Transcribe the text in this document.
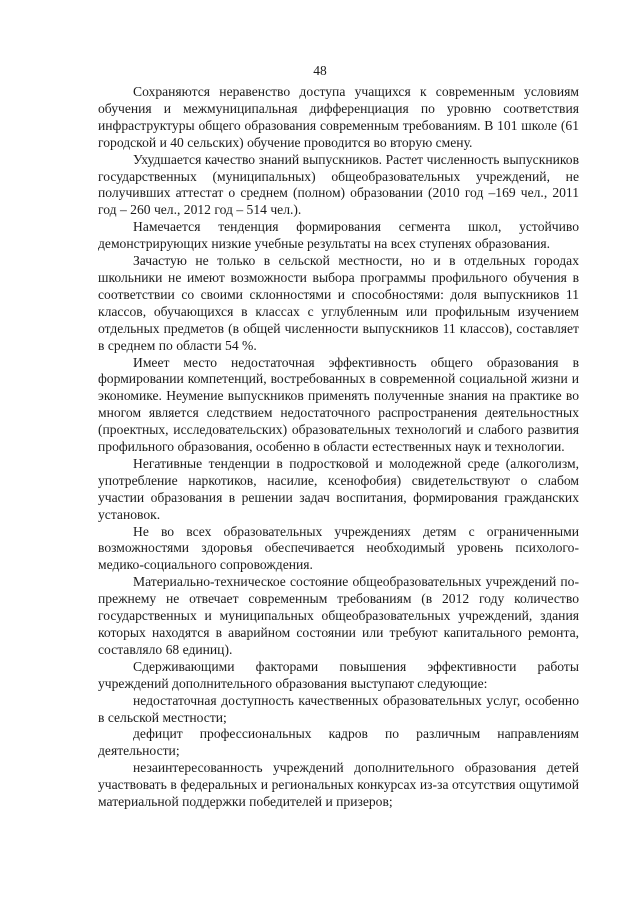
48

Сохраняются неравенство доступа учащихся к современным условиям обучения и межмуниципальная дифференциация по уровню соответствия инфраструктуры общего образования современным требованиям. В 101 школе (61 городской и 40 сельских) обучение проводится во вторую смену.

Ухудшается качество знаний выпускников. Растет численность выпускников государственных (муниципальных) общеобразовательных учреждений, не получивших аттестат о среднем (полном) образовании (2010 год –169 чел., 2011 год – 260 чел., 2012 год – 514 чел.).

Намечается тенденция формирования сегмента школ, устойчиво демонстрирующих низкие учебные результаты на всех ступенях образования.

Зачастую не только в сельской местности, но и в отдельных городах школьники не имеют возможности выбора программы профильного обучения в соответствии со своими склонностями и способностями: доля выпускников 11 классов, обучающихся в классах с углубленным или профильным изучением отдельных предметов (в общей численности выпускников 11 классов), составляет в среднем по области 54 %.

Имеет место недостаточная эффективность общего образования в формировании компетенций, востребованных в современной социальной жизни и экономике. Неумение выпускников применять полученные знания на практике во многом является следствием недостаточного распространения деятельностных (проектных, исследовательских) образовательных технологий и слабого развития профильного образования, особенно в области естественных наук и технологии.

Негативные тенденции в подростковой и молодежной среде (алкоголизм, употребление наркотиков, насилие, ксенофобия) свидетельствуют о слабом участии образования в решении задач воспитания, формирования гражданских установок.

Не во всех образовательных учреждениях детям с ограниченными возможностями здоровья обеспечивается необходимый уровень психолого-медико-социального сопровождения.

Материально-техническое состояние общеобразовательных учреждений по-прежнему не отвечает современным требованиям (в 2012 году количество государственных и муниципальных общеобразовательных учреждений, здания которых находятся в аварийном состоянии или требуют капитального ремонта, составляло 68 единиц).

Сдерживающими факторами повышения эффективности работы учреждений дополнительного образования выступают следующие:

недостаточная доступность качественных образовательных услуг, особенно в сельской местности;

дефицит профессиональных кадров по различным направлениям деятельности;

незаинтересованность учреждений дополнительного образования детей участвовать в федеральных и региональных конкурсах из-за отсутствия ощутимой материальной поддержки победителей и призеров;
